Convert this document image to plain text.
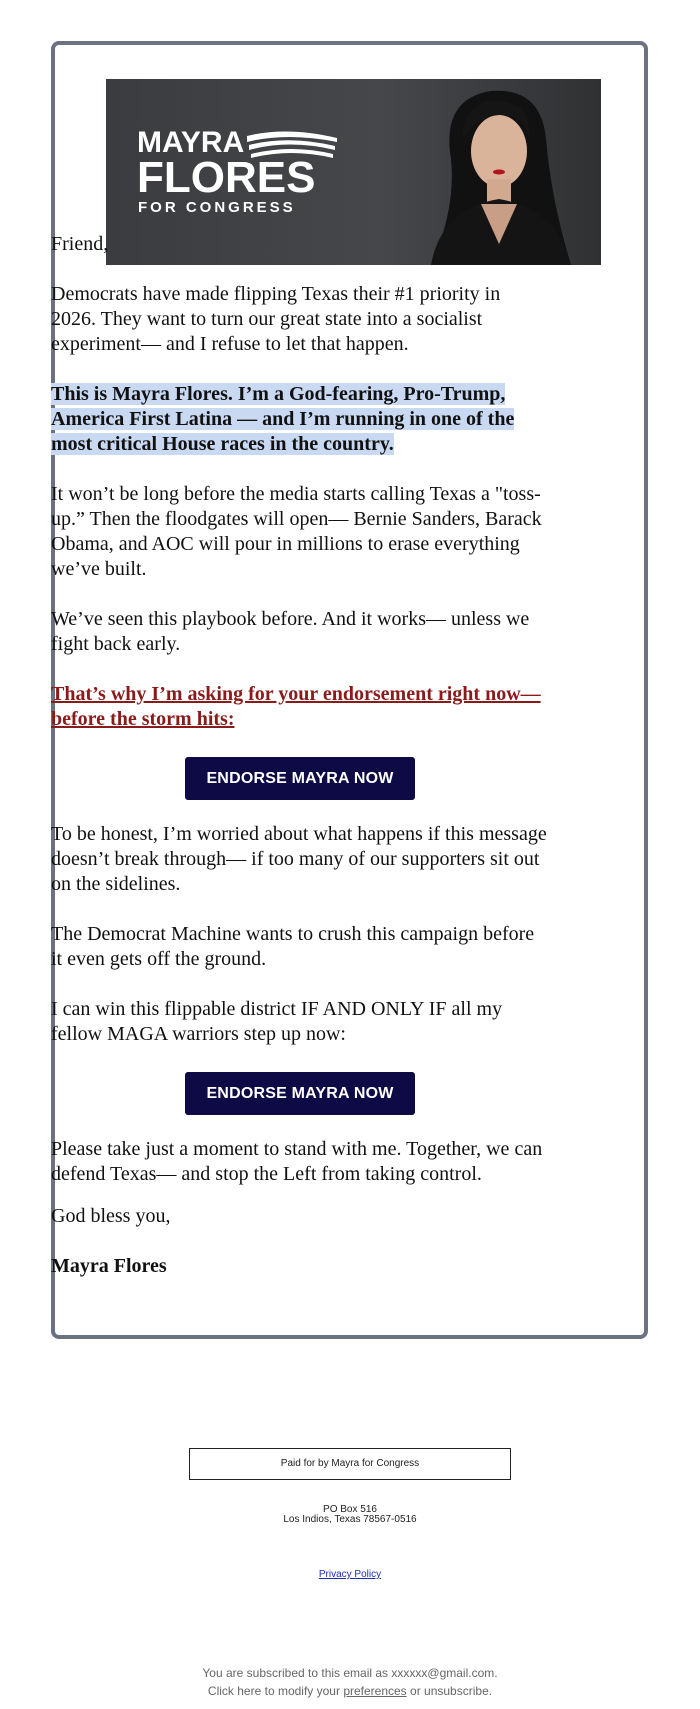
MAYRA
FLORES
FOR CONGRESS

Friend,

Democrats have made flipping Texas their #1 priority in 2026. They want to turn our great state into a socialist experiment— and I refuse to let that happen.

This is Mayra Flores. I’m a God-fearing, Pro-Trump, America First Latina — and I’m running in one of the most critical House races in the country.

It won’t be long before the media starts calling Texas a "toss-up.” Then the floodgates will open— Bernie Sanders, Barack Obama, and AOC will pour in millions to erase everything we’ve built.

We’ve seen this playbook before. And it works— unless we fight back early.

That’s why I’m asking for your endorsement right now— before the storm hits:

ENDORSE MAYRA NOW

To be honest, I’m worried about what happens if this message doesn’t break through— if too many of our supporters sit out on the sidelines.

The Democrat Machine wants to crush this campaign before it even gets off the ground.

I can win this flippable district IF AND ONLY IF all my fellow MAGA warriors step up now:

ENDORSE MAYRA NOW

Please take just a moment to stand with me. Together, we can defend Texas— and stop the Left from taking control.

God bless you,

Mayra Flores

Paid for by Mayra for Congress
PO Box 516
Los Indios, Texas 78567-0516
Privacy Policy
You are subscribed to this email as xxxxxx@gmail.com.
Click here to modify your preferences or unsubscribe.
